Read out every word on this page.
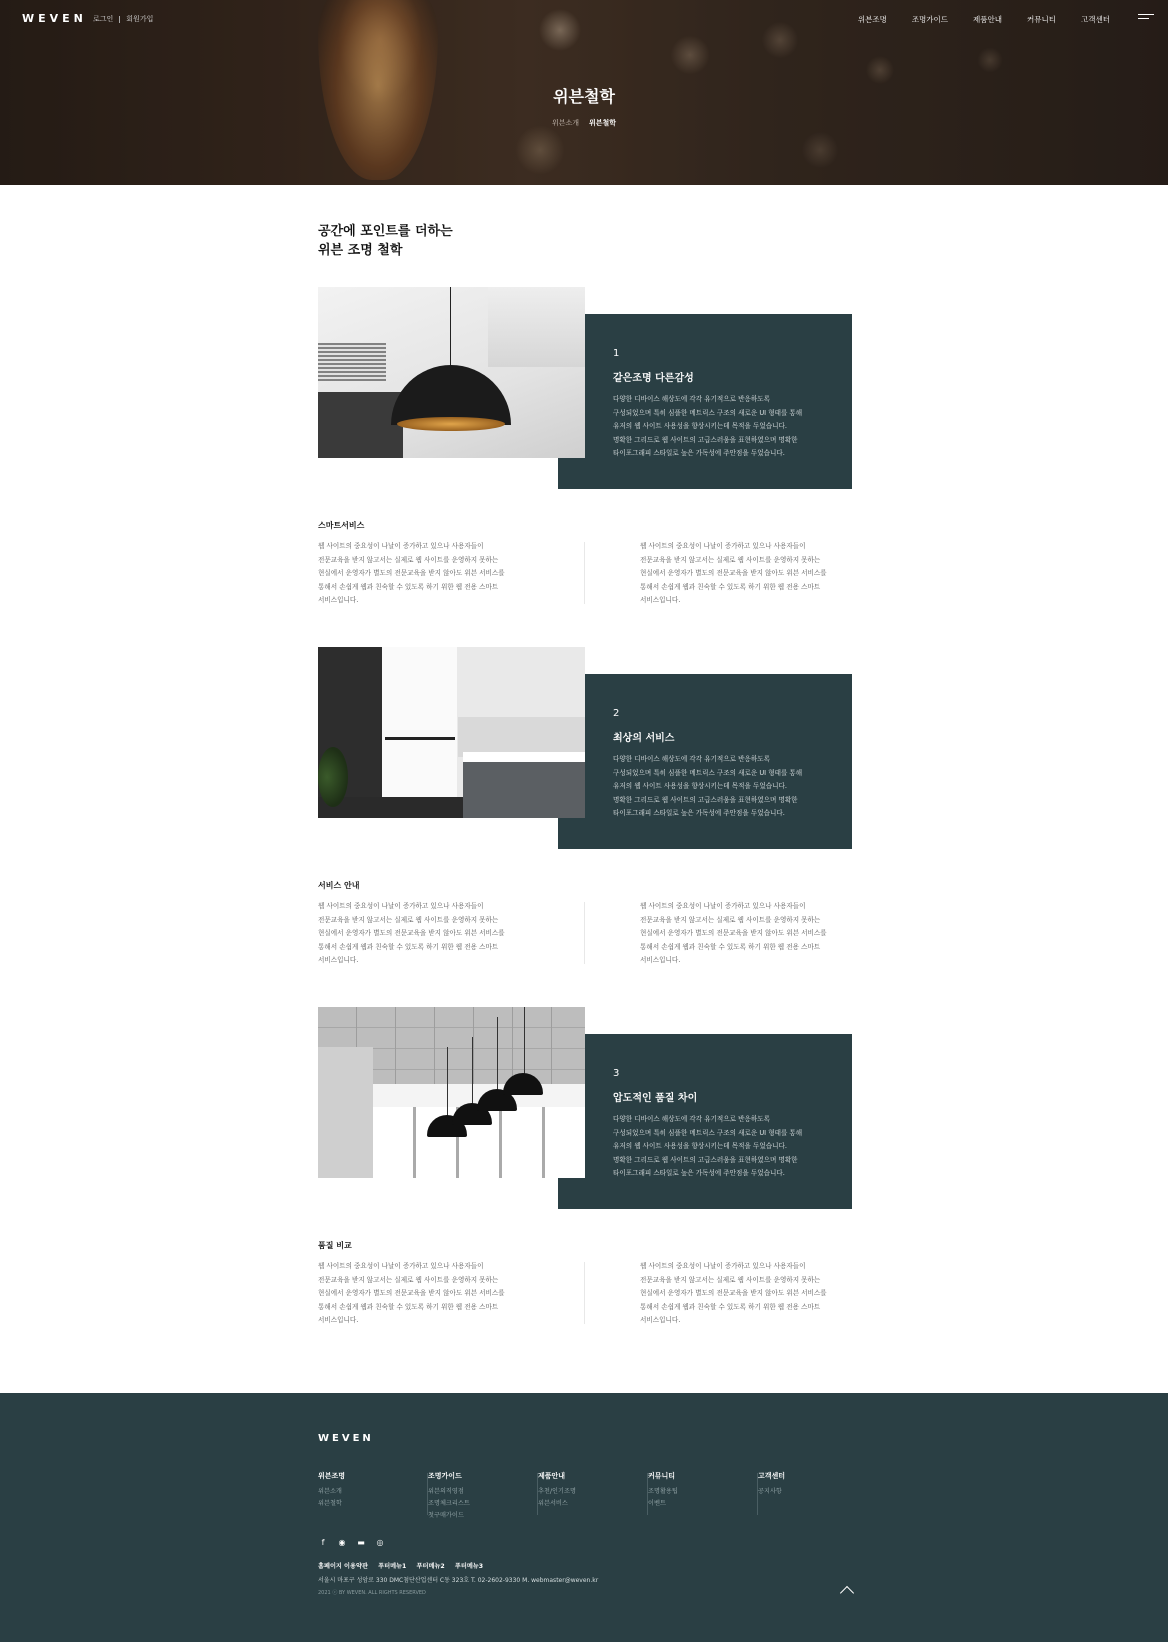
WEVEN 로그인 회원가입	위븐조명	조명가이드	제품안내	커뮤니티	고객센터
위븐철학
위븐소개 위븐철학
공간에 포인트를 더하는
위븐 조명 철학
1
같은조명 다른감성
다양한 디바이스 해상도에 각각 유기적으로 반응하도록
구성되었으며 특히 심플한 메트릭스 구조의 새로운 UI 형태를 통해
유저의 웹 사이트 사용성을 향상시키는데 목적을 두었습니다.
명확한 그리드로 웹 사이트의 고급스러움을 표현하였으며 명확한
타이포그래피 스타일로 높은 가독성에 주안점을 두었습니다.
스마트서비스
웹 사이트의 중요성이 나날이 증가하고 있으나 사용자들이
전문교육을 받지 않고서는 실제로 웹 사이트를 운영하지 못하는
현실에서 운영자가 별도의 전문교육을 받지 않아도 위븐 서비스를
통해서 손쉽게 웹과 친숙할 수 있도록 하기 위한 웹 전용 스마트
서비스입니다.
웹 사이트의 중요성이 나날이 증가하고 있으나 사용자들이
전문교육을 받지 않고서는 실제로 웹 사이트를 운영하지 못하는
현실에서 운영자가 별도의 전문교육을 받지 않아도 위븐 서비스를
통해서 손쉽게 웹과 친숙할 수 있도록 하기 위한 웹 전용 스마트
서비스입니다.
2
최상의 서비스
다양한 디바이스 해상도에 각각 유기적으로 반응하도록
구성되었으며 특히 심플한 메트릭스 구조의 새로운 UI 형태를 통해
유저의 웹 사이트 사용성을 향상시키는데 목적을 두었습니다.
명확한 그리드로 웹 사이트의 고급스러움을 표현하였으며 명확한
타이포그래피 스타일로 높은 가독성에 주안점을 두었습니다.
서비스 안내
웹 사이트의 중요성이 나날이 증가하고 있으나 사용자들이
전문교육을 받지 않고서는 실제로 웹 사이트를 운영하지 못하는
현실에서 운영자가 별도의 전문교육을 받지 않아도 위븐 서비스를
통해서 손쉽게 웹과 친숙할 수 있도록 하기 위한 웹 전용 스마트
서비스입니다.
웹 사이트의 중요성이 나날이 증가하고 있으나 사용자들이
전문교육을 받지 않고서는 실제로 웹 사이트를 운영하지 못하는
현실에서 운영자가 별도의 전문교육을 받지 않아도 위븐 서비스를
통해서 손쉽게 웹과 친숙할 수 있도록 하기 위한 웹 전용 스마트
서비스입니다.
3
압도적인 품질 차이
다양한 디바이스 해상도에 각각 유기적으로 반응하도록
구성되었으며 특히 심플한 메트릭스 구조의 새로운 UI 형태를 통해
유저의 웹 사이트 사용성을 향상시키는데 목적을 두었습니다.
명확한 그리드로 웹 사이트의 고급스러움을 표현하였으며 명확한
타이포그래피 스타일로 높은 가독성에 주안점을 두었습니다.
품질 비교
웹 사이트의 중요성이 나날이 증가하고 있으나 사용자들이
전문교육을 받지 않고서는 실제로 웹 사이트를 운영하지 못하는
현실에서 운영자가 별도의 전문교육을 받지 않아도 위븐 서비스를
통해서 손쉽게 웹과 친숙할 수 있도록 하기 위한 웹 전용 스마트
서비스입니다.
웹 사이트의 중요성이 나날이 증가하고 있으나 사용자들이
전문교육을 받지 않고서는 실제로 웹 사이트를 운영하지 못하는
현실에서 운영자가 별도의 전문교육을 받지 않아도 위븐 서비스를
통해서 손쉽게 웹과 친숙할 수 있도록 하기 위한 웹 전용 스마트
서비스입니다.
WEVEN
위븐조명
위븐소개
위븐철학
조명가이드
위븐의직영점
조명체크리스트
첫구매가이드
제품안내
추천/인기조명
위븐서비스
커뮤니티
조명활용팁
이벤트
고객센터
공지사항
f	◉ ▬ ◎
홈페이지 이용약관 푸터메뉴1 푸터메뉴2 푸터메뉴3
서울시 마포구 성암로 330 DMC첨단산업센터 C동 323호 T. 02-2602-9330 M. webmaster@weven.kr
2021 ⓒ BY WEVEN. ALL RIGHTS RESERVED
